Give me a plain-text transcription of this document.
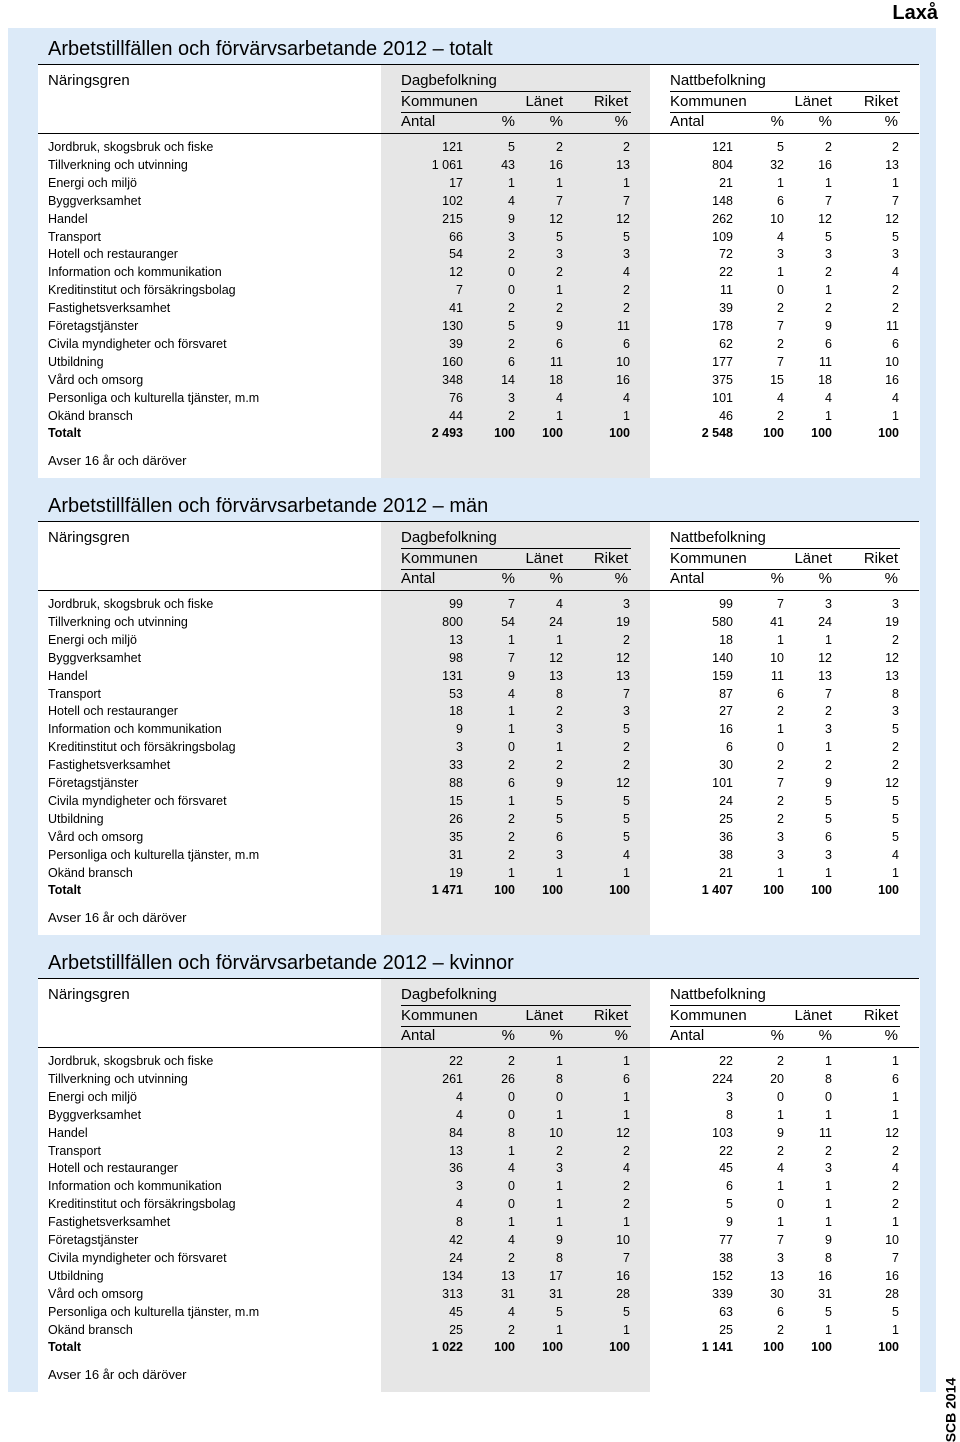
Laxå
Arbetstillfällen och förvärvsarbetande 2012 – totalt
Näringsgren	Dagbefolkning	Nattbefolkning
Kommunen	Länet	Riket	Kommunen	Länet	Riket
Antal	%	%	%	Antal	%	%	%
Jordbruk, skogsbruk och fiske	121	5	2	2	121	5	2	2
Tillverkning och utvinning	1 061	43	16	13	804	32	16	13
Energi och miljö	17	1	1	1	21	1	1	1
Byggverksamhet	102	4	7	7	148	6	7	7
Handel	215	9	12	12	262	10	12	12
Transport	66	3	5	5	109	4	5	5
Hotell och restauranger	54	2	3	3	72	3	3	3
Information och kommunikation	12	0	2	4	22	1	2	4
Kreditinstitut och försäkringsbolag	7	0	1	2	11	0	1	2
Fastighetsverksamhet	41	2	2	2	39	2	2	2
Företagstjänster	130	5	9	11	178	7	9	11
Civila myndigheter och försvaret	39	2	6	6	62	2	6	6
Utbildning	160	6	11	10	177	7	11	10
Vård och omsorg	348	14	18	16	375	15	18	16
Personliga och kulturella tjänster, m.m	76	3	4	4	101	4	4	4
Okänd bransch	44	2	1	1	46	2	1	1
Totalt	2 493	100	100	100	2 548	100	100	100
Avser 16 år och däröver
Arbetstillfällen och förvärvsarbetande 2012 – män
Näringsgren	Dagbefolkning	Nattbefolkning
Kommunen	Länet	Riket	Kommunen	Länet	Riket
Antal	%	%	%	Antal	%	%	%
Jordbruk, skogsbruk och fiske	99	7	4	3	99	7	3	3
Tillverkning och utvinning	800	54	24	19	580	41	24	19
Energi och miljö	13	1	1	2	18	1	1	2
Byggverksamhet	98	7	12	12	140	10	12	12
Handel	131	9	13	13	159	11	13	13
Transport	53	4	8	7	87	6	7	8
Hotell och restauranger	18	1	2	3	27	2	2	3
Information och kommunikation	9	1	3	5	16	1	3	5
Kreditinstitut och försäkringsbolag	3	0	1	2	6	0	1	2
Fastighetsverksamhet	33	2	2	2	30	2	2	2
Företagstjänster	88	6	9	12	101	7	9	12
Civila myndigheter och försvaret	15	1	5	5	24	2	5	5
Utbildning	26	2	5	5	25	2	5	5
Vård och omsorg	35	2	6	5	36	3	6	5
Personliga och kulturella tjänster, m.m	31	2	3	4	38	3	3	4
Okänd bransch	19	1	1	1	21	1	1	1
Totalt	1 471	100	100	100	1 407	100	100	100
Avser 16 år och däröver
Arbetstillfällen och förvärvsarbetande 2012 – kvinnor
Näringsgren	Dagbefolkning	Nattbefolkning
Kommunen	Länet	Riket	Kommunen	Länet	Riket
Antal	%	%	%	Antal	%	%	%
Jordbruk, skogsbruk och fiske	22	2	1	1	22	2	1	1
Tillverkning och utvinning	261	26	8	6	224	20	8	6
Energi och miljö	4	0	0	1	3	0	0	1
Byggverksamhet	4	0	1	1	8	1	1	1
Handel	84	8	10	12	103	9	11	12
Transport	13	1	2	2	22	2	2	2
Hotell och restauranger	36	4	3	4	45	4	3	4
Information och kommunikation	3	0	1	2	6	1	1	2
Kreditinstitut och försäkringsbolag	4	0	1	2	5	0	1	2
Fastighetsverksamhet	8	1	1	1	9	1	1	1
Företagstjänster	42	4	9	10	77	7	9	10
Civila myndigheter och försvaret	24	2	8	7	38	3	8	7
Utbildning	134	13	17	16	152	13	16	16
Vård och omsorg	313	31	31	28	339	30	31	28
Personliga och kulturella tjänster, m.m	45	4	5	5	63	6	5	5
Okänd bransch	25	2	1	1	25	2	1	1
Totalt	1 022	100	100	100	1 141	100	100	100
Avser 16 år och däröver
SCB 2014
